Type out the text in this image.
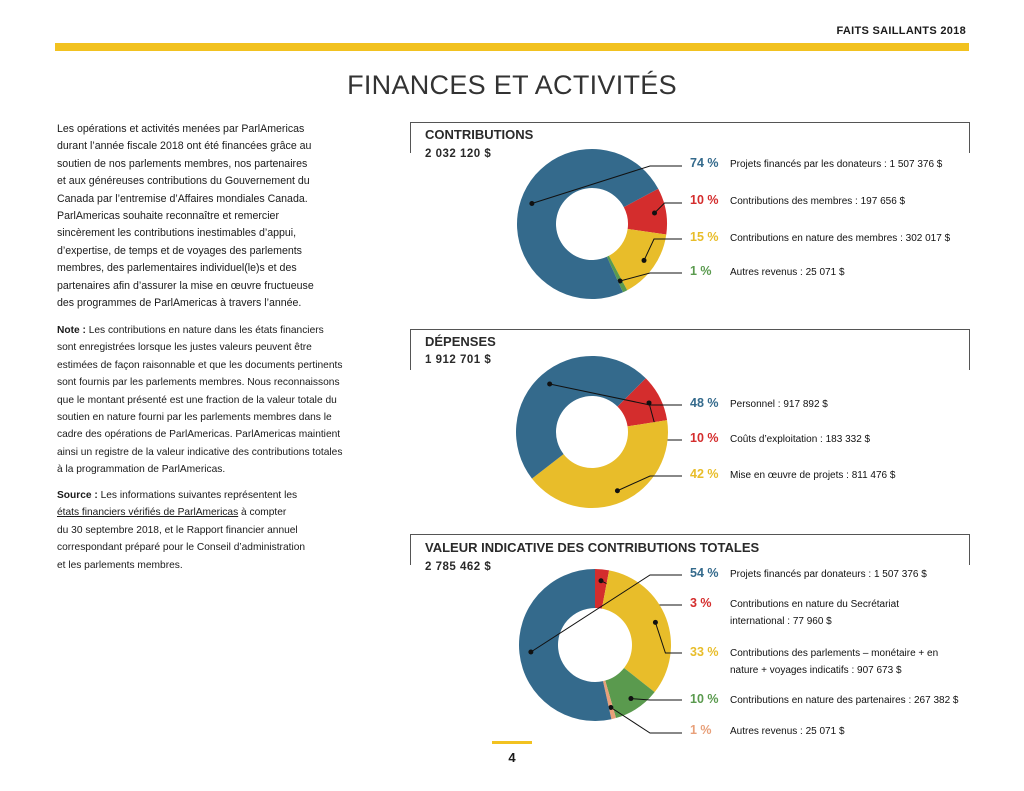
FAITS SAILLANTS 2018
FINANCES ET ACTIVITÉS
Les opérations et activités menées par ParlAmericas
durant l’année fiscale 2018 ont été financées grâce au
soutien de nos parlements membres, nos partenaires
et aux généreuses contributions du Gouvernement du
Canada par l’entremise d’Affaires mondiales Canada.
ParlAmericas souhaite reconnaître et remercier
sincèrement les contributions inestimables d’appui,
d’expertise, de temps et de voyages des parlements
membres, des parlementaires individuel(le)s et des
partenaires afin d’assurer la mise en œuvre fructueuse
des programmes de ParlAmericas à travers l’année.
Note : Les contributions en nature dans les états financiers
sont enregistrées lorsque les justes valeurs peuvent être
estimées de façon raisonnable et que les documents pertinents
sont fournis par les parlements membres. Nous reconnaissons
que le montant présenté est une fraction de la valeur totale du
soutien en nature fourni par les parlements membres dans le
cadre des opérations de ParlAmericas. ParlAmericas maintient
ainsi un registre de la valeur indicative des contributions totales
à la programmation de ParlAmericas.
Source : Les informations suivantes représentent les
états financiers vérifiés de ParlAmericas à compter
du 30 septembre 2018, et le Rapport financier annuel
correspondant préparé pour le Conseil d’administration
et les parlements membres.
CONTRIBUTIONS
2 032 120 $
DÉPENSES
1 912 701 $
VALEUR INDICATIVE DES CONTRIBUTIONS TOTALES
2 785 462 $
74 % Projets financés par les donateurs : 1 507 376 $
10 % Contributions des membres : 197 656 $
15 % Contributions en nature des membres : 302 017 $
1 % Autres revenus : 25 071 $
48 % Personnel : 917 892 $
10 % Coûts d’exploitation : 183 332 $
42 % Mise en œuvre de projets : 811 476 $
54 % Projets financés par donateurs : 1 507 376 $
3 % Contributions en nature du Secrétariat
international : 77 960 $
33 % Contributions des parlements – monétaire + en
nature + voyages indicatifs : 907 673 $
10 % Contributions en nature des partenaires : 267 382 $
1 % Autres revenus : 25 071 $
4
